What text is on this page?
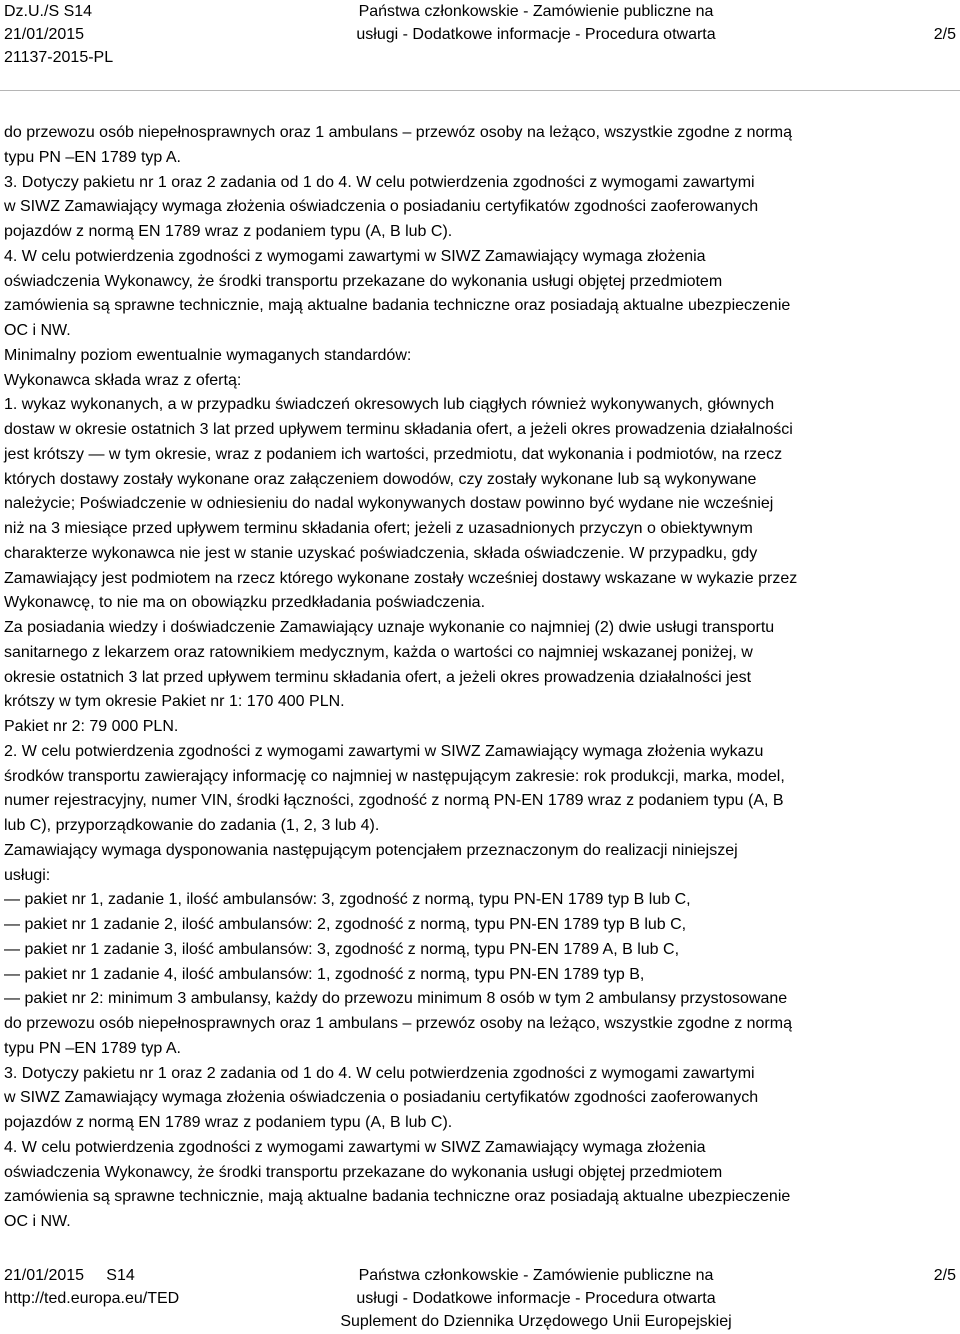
Dz.U./S S14
21/01/2015
21137-2015-PL
Państwa członkowskie - Zamówienie publiczne na
usługi - Dodatkowe informacje - Procedura otwarta	2/5
do przewozu osób niepełnosprawnych oraz 1 ambulans – przewóz osoby na leżąco, wszystkie zgodne z normą
typu PN –EN 1789 typ A.
3. Dotyczy pakietu nr 1 oraz 2 zadania od 1 do 4. W celu potwierdzenia zgodności z wymogami zawartymi
w SIWZ Zamawiający wymaga złożenia oświadczenia o posiadaniu certyfikatów zgodności zaoferowanych
pojazdów z normą EN 1789 wraz z podaniem typu (A, B lub C).
4. W celu potwierdzenia zgodności z wymogami zawartymi w SIWZ Zamawiający wymaga złożenia
oświadczenia Wykonawcy, że środki transportu przekazane do wykonania usługi objętej przedmiotem
zamówienia są sprawne technicznie, mają aktualne badania techniczne oraz posiadają aktualne ubezpieczenie
OC i NW.
Minimalny poziom ewentualnie wymaganych standardów:
Wykonawca składa wraz z ofertą:
1. wykaz wykonanych, a w przypadku świadczeń okresowych lub ciągłych również wykonywanych, głównych
dostaw w okresie ostatnich 3 lat przed upływem terminu składania ofert, a jeżeli okres prowadzenia działalności
jest krótszy — w tym okresie, wraz z podaniem ich wartości, przedmiotu, dat wykonania i podmiotów, na rzecz
których dostawy zostały wykonane oraz załączeniem dowodów, czy zostały wykonane lub są wykonywane
należycie; Poświadczenie w odniesieniu do nadal wykonywanych dostaw powinno być wydane nie wcześniej
niż na 3 miesiące przed upływem terminu składania ofert; jeżeli z uzasadnionych przyczyn o obiektywnym
charakterze wykonawca nie jest w stanie uzyskać poświadczenia, składa oświadczenie. W przypadku, gdy
Zamawiający jest podmiotem na rzecz którego wykonane zostały wcześniej dostawy wskazane w wykazie przez
Wykonawcę, to nie ma on obowiązku przedkładania poświadczenia.
Za posiadania wiedzy i doświadczenie Zamawiający uznaje wykonanie co najmniej (2) dwie usługi transportu
sanitarnego z lekarzem oraz ratownikiem medycznym, każda o wartości co najmniej wskazanej poniżej, w
okresie ostatnich 3 lat przed upływem terminu składania ofert, a jeżeli okres prowadzenia działalności jest
krótszy w tym okresie Pakiet nr 1: 170 400 PLN.
Pakiet nr 2: 79 000 PLN.
2. W celu potwierdzenia zgodności z wymogami zawartymi w SIWZ Zamawiający wymaga złożenia wykazu
środków transportu zawierający informację co najmniej w następującym zakresie: rok produkcji, marka, model,
numer rejestracyjny, numer VIN, środki łączności, zgodność z normą PN-EN 1789 wraz z podaniem typu (A, B
lub C), przyporządkowanie do zadania (1, 2, 3 lub 4).
Zamawiający wymaga dysponowania następującym potencjałem przeznaczonym do realizacji niniejszej
usługi:
— pakiet nr 1, zadanie 1, ilość ambulansów: 3, zgodność z normą, typu PN-EN 1789 typ B lub C,
— pakiet nr 1 zadanie 2, ilość ambulansów: 2, zgodność z normą, typu PN-EN 1789 typ B lub C,
— pakiet nr 1 zadanie 3, ilość ambulansów: 3, zgodność z normą, typu PN-EN 1789 A, B lub C,
— pakiet nr 1 zadanie 4, ilość ambulansów: 1, zgodność z normą, typu PN-EN 1789 typ B,
— pakiet nr 2: minimum 3 ambulansy, każdy do przewozu minimum 8 osób w tym 2 ambulansy przystosowane
do przewozu osób niepełnosprawnych oraz 1 ambulans – przewóz osoby na leżąco, wszystkie zgodne z normą
typu PN –EN 1789 typ A.
3. Dotyczy pakietu nr 1 oraz 2 zadania od 1 do 4. W celu potwierdzenia zgodności z wymogami zawartymi
w SIWZ Zamawiający wymaga złożenia oświadczenia o posiadaniu certyfikatów zgodności zaoferowanych
pojazdów z normą EN 1789 wraz z podaniem typu (A, B lub C).
4. W celu potwierdzenia zgodności z wymogami zawartymi w SIWZ Zamawiający wymaga złożenia
oświadczenia Wykonawcy, że środki transportu przekazane do wykonania usługi objętej przedmiotem
zamówienia są sprawne technicznie, mają aktualne badania techniczne oraz posiadają aktualne ubezpieczenie
OC i NW.
21/01/2015     S14
http://ted.europa.eu/TED
Państwa członkowskie - Zamówienie publiczne na
usługi - Dodatkowe informacje - Procedura otwarta
Suplement do Dziennika Urzędowego Unii Europejskiej
2/5
